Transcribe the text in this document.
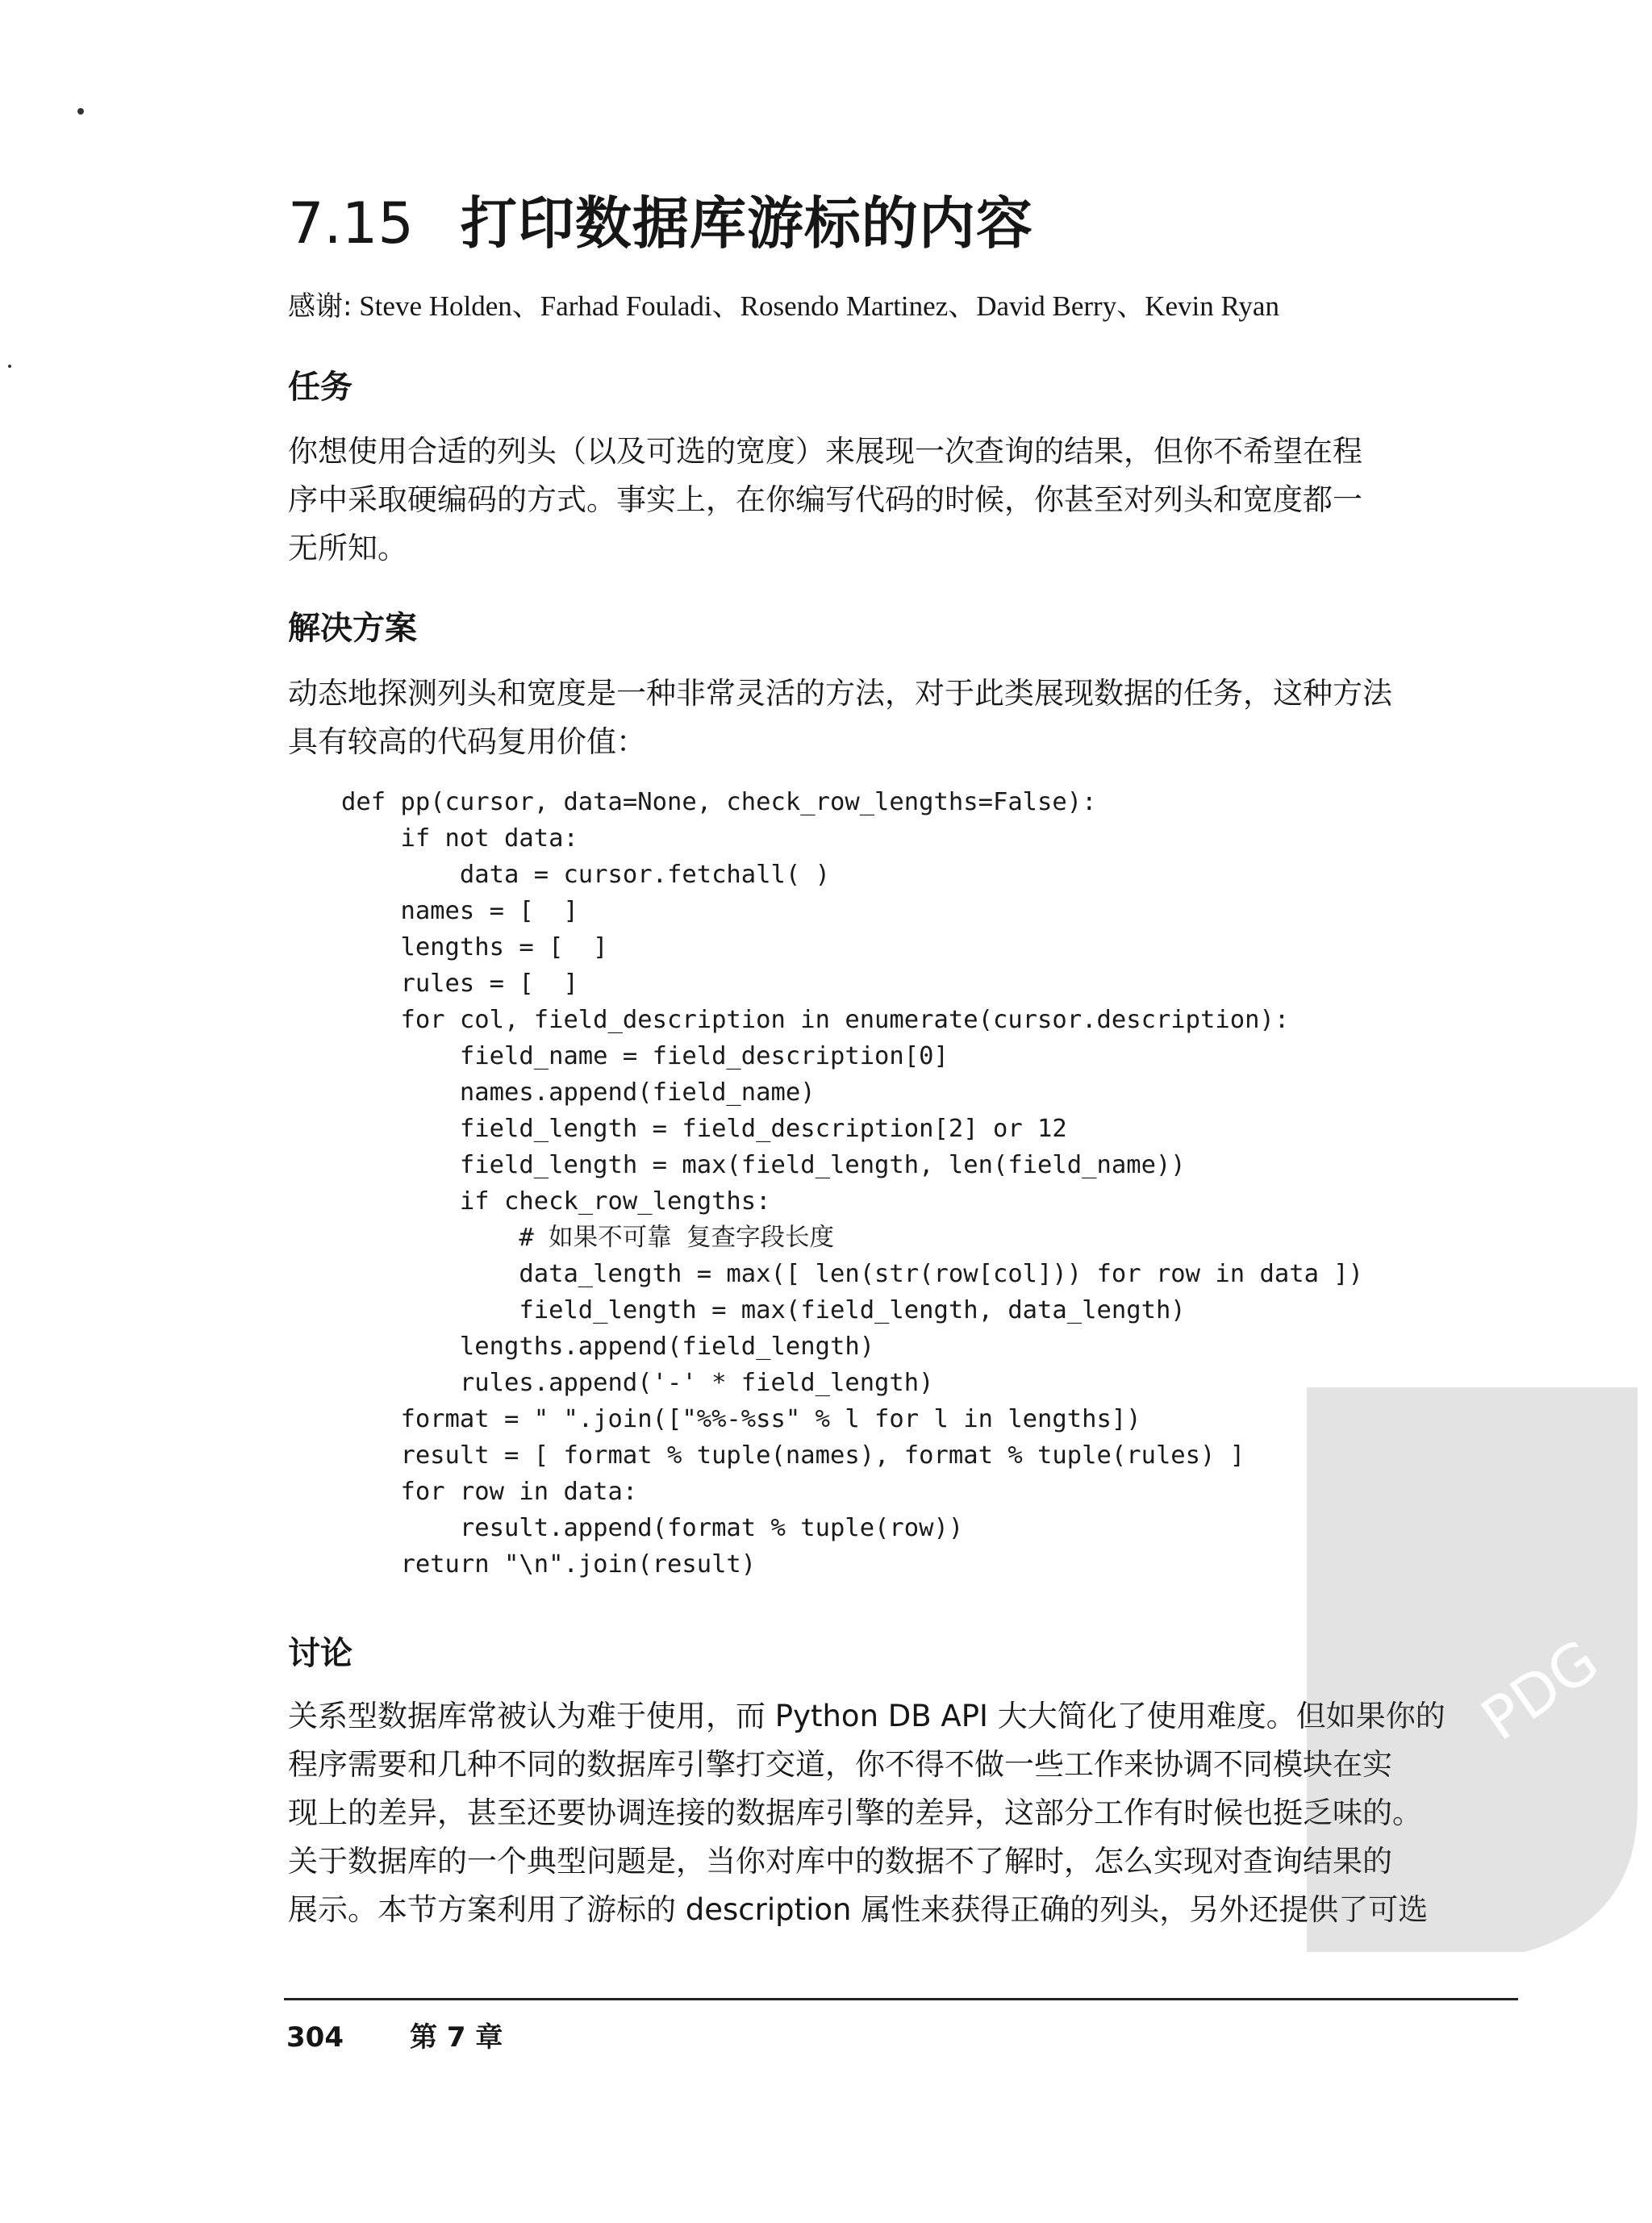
7.15 打印数据库游标的内容
感谢: Steve Holden、Farhad Fouladi、Rosendo Martinez、David Berry、Kevin Ryan
任务

你想使用合适的列头（以及可选的宽度）来展现一次查询的结果，但你不希望在程
序中采取硬编码的方式。事实上，在你编写代码的时候，你甚至对列头和宽度都一
无所知。

解决方案

动态地探测列头和宽度是一种非常灵活的方法，对于此类展现数据的任务，这种方法
具有较高的代码复用价值：

def pp(cursor, data=None, check_row_lengths=False):
if not data:
data = cursor.fetchall( )
names = [  ]
lengths = [  ]
rules = [  ]
for col, field_description in enumerate(cursor.description):
field_name = field_description[0]
names.append(field_name)
field_length = field_description[2] or 12
field_length = max(field_length, len(field_name))
if check_row_lengths:
# 如果不可靠 复查字段长度
data_length = max([ len(str(row[col])) for row in data ])
field_length = max(field_length, data_length)
lengths.append(field_length)
rules.append('-' * field_length)
format = " ".join(["%%-%ss" % l for l in lengths])
result = [ format % tuple(names), format % tuple(rules) ]
for row in data:
result.append(format % tuple(row))
return "\n".join(result)
讨论

关系型数据库常被认为难于使用，而 Python DB API 大大简化了使用难度。但如果你的
程序需要和几种不同的数据库引擎打交道，你不得不做一些工作来协调不同模块在实
现上的差异，甚至还要协调连接的数据库引擎的差异，这部分工作有时候也挺乏味的。
关于数据库的一个典型问题是，当你对库中的数据不了解时，怎么实现对查询结果的
展示。本节方案利用了游标的 description 属性来获得正确的列头，另外还提供了可选

PDG
304 第 7 章
